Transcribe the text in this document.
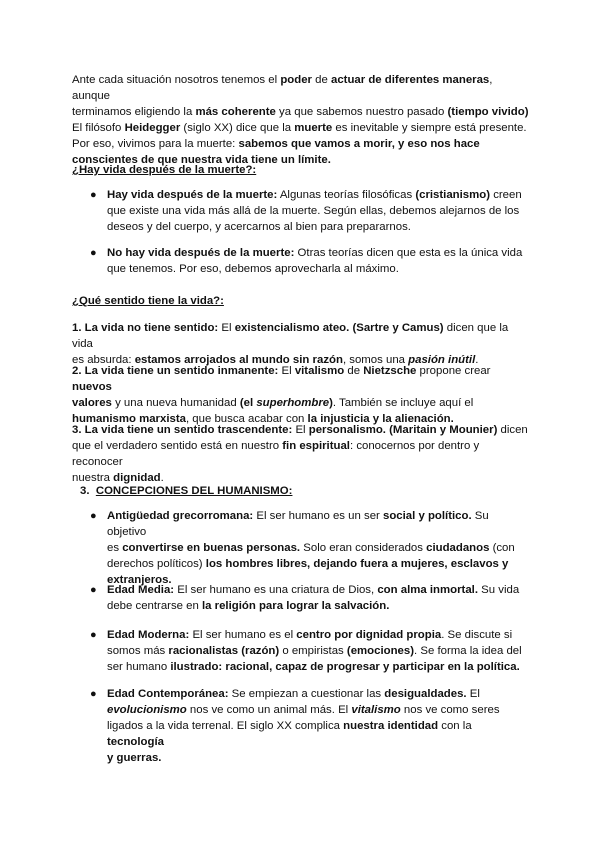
Ante cada situación nosotros tenemos el poder de actuar de diferentes maneras, aunque

terminamos eligiendo la más coherente ya que sabemos nuestro pasado (tiempo vivido)

El filósofo Heidegger (siglo XX) dice que la muerte es inevitable y siempre está presente.

Por eso, vivimos para la muerte: sabemos que vamos a morir, y eso nos hace

conscientes de que nuestra vida tiene un límite.

¿Hay vida después de la muerte?:

● Hay vida después de la muerte: Algunas teorías filosóficas (cristianismo) creen

que existe una vida más allá de la muerte. Según ellas, debemos alejarnos de los

deseos y del cuerpo, y acercarnos al bien para prepararnos.

● No hay vida después de la muerte: Otras teorías dicen que esta es la única vida

que tenemos. Por eso, debemos aprovecharla al máximo.

¿Qué sentido tiene la vida?:

1. La vida no tiene sentido: El existencialismo ateo. (Sartre y Camus) dicen que la vida

es absurda: estamos arrojados al mundo sin razón, somos una pasión inútil.

2. La vida tiene un sentido inmanente: El vitalismo de Nietzsche propone crear nuevos

valores y una nueva humanidad (el superhombre). También se incluye aquí el

humanismo marxista, que busca acabar con la injusticia y la alienación.

3. La vida tiene un sentido trascendente: El personalismo. (Maritain y Mounier) dicen

que el verdadero sentido está en nuestro fin espiritual: conocernos por dentro y reconocer

nuestra dignidad.

3. CONCEPCIONES DEL HUMANISMO:

● Antigüedad grecorromana: El ser humano es un ser social y político. Su objetivo

es convertirse en buenas personas. Solo eran considerados ciudadanos (con

derechos políticos) los hombres libres, dejando fuera a mujeres, esclavos y

extranjeros.

● Edad Media: El ser humano es una criatura de Dios, con alma inmortal. Su vida

debe centrarse en la religión para lograr la salvación.

● Edad Moderna: El ser humano es el centro por dignidad propia. Se discute si

somos más racionalistas (razón) o empiristas (emociones). Se forma la idea del

ser humano ilustrado: racional, capaz de progresar y participar en la política.

● Edad Contemporánea: Se empiezan a cuestionar las desigualdades. El

evolucionismo nos ve como un animal más. El vitalismo nos ve como seres

ligados a la vida terrenal. El siglo XX complica nuestra identidad con la tecnología

y guerras.
